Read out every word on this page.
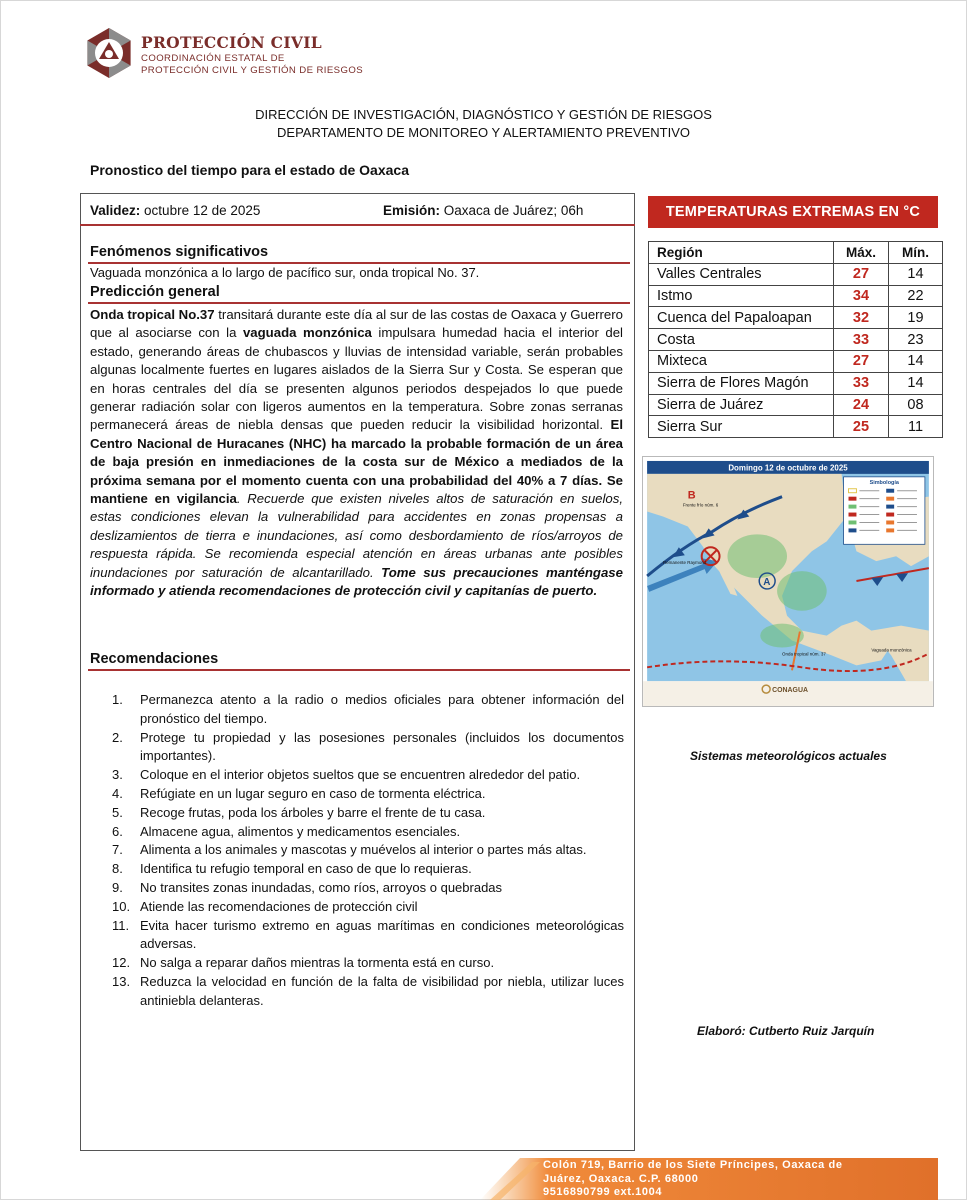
PROTECCIÓN CIVIL
COORDINACIÓN ESTATAL DE
PROTECCIÓN CIVIL Y GESTIÓN DE RIESGOS
DIRECCIÓN DE INVESTIGACIÓN, DIAGNÓSTICO Y GESTIÓN DE RIESGOS
DEPARTAMENTO DE MONITOREO Y ALERTAMIENTO PREVENTIVO
Pronostico del tiempo para el estado de Oaxaca
Validez: octubre 12 de 2025	Emisión: Oaxaca de Juárez; 06h
Fenómenos significativos
Vaguada monzónica a lo largo de pacífico sur, onda tropical No. 37.
Predicción general
Onda tropical No.37 transitará durante este día al sur de las costas de Oaxaca y Guerrero que al asociarse con la vaguada monzónica impulsara humedad hacia el interior del estado, generando áreas de chubascos y lluvias de intensidad variable, serán probables algunas localmente fuertes en lugares aislados de la Sierra Sur y Costa. Se esperan que en horas centrales del día se presenten algunos periodos despejados lo que puede generar radiación solar con ligeros aumentos en la temperatura. Sobre zonas serranas permanecerá áreas de niebla densas que pueden reducir la visibilidad horizontal. El Centro Nacional de Huracanes (NHC) ha marcado la probable formación de un área de baja presión en inmediaciones de la costa sur de México a mediados de la próxima semana por el momento cuenta con una probabilidad del 40% a 7 días. Se mantiene en vigilancia. Recuerde que existen niveles altos de saturación en suelos, estas condiciones elevan la vulnerabilidad para accidentes en zonas propensas a deslizamientos de tierra e inundaciones, así como desbordamiento de ríos/arroyos de respuesta rápida. Se recomienda especial atención en áreas urbanas ante posibles inundaciones por saturación de alcantarillado. Tome sus precauciones manténgase informado y atienda recomendaciones de protección civil y capitanías de puerto.
Recomendaciones
1. Permanezca atento a la radio o medios oficiales para obtener información del pronóstico del tiempo.
2. Protege tu propiedad y las posesiones personales (incluidos los documentos importantes).
3. Coloque en el interior objetos sueltos que se encuentren alrededor del patio.
4. Refúgiate en un lugar seguro en caso de tormenta eléctrica.
5. Recoge frutas, poda los árboles y barre el frente de tu casa.
6. Almacene agua, alimentos y medicamentos esenciales.
7. Alimenta a los animales y mascotas y muévelos al interior o partes más altas.
8. Identifica tu refugio temporal en caso de que lo requieras.
9. No transites zonas inundadas, como ríos, arroyos o quebradas
10. Atiende las recomendaciones de protección civil
11. Evita hacer turismo extremo en aguas marítimas en condiciones meteorológicas adversas.
12. No salga a reparar daños mientras la tormenta está en curso.
13. Reduzca la velocidad en función de la falta de visibilidad por niebla, utilizar luces antiniebla delanteras.
TEMPERATURAS EXTREMAS EN °C
Región	Máx.	Mín.
Valles Centrales	27	14
Istmo	34	22
Cuenca del Papaloapan	32	19
Costa	33	23
Mixteca	27	14
Sierra de Flores Magón	33	14
Sierra de Juárez	24	08
Sierra Sur	25	11
Domingo 12 de octubre de 2025
B
A
Frente frío núm. 6
Remanente Raymond
Onda tropical núm. 37
Vaguada monzónica
Simbología
CONAGUA
Sistemas meteorológicos actuales
Elaboró: Cutberto Ruiz Jarquín
Colón 719, Barrio de los Siete Príncipes, Oaxaca de
Juárez, Oaxaca. C.P. 68000
9516890799 ext.1004
